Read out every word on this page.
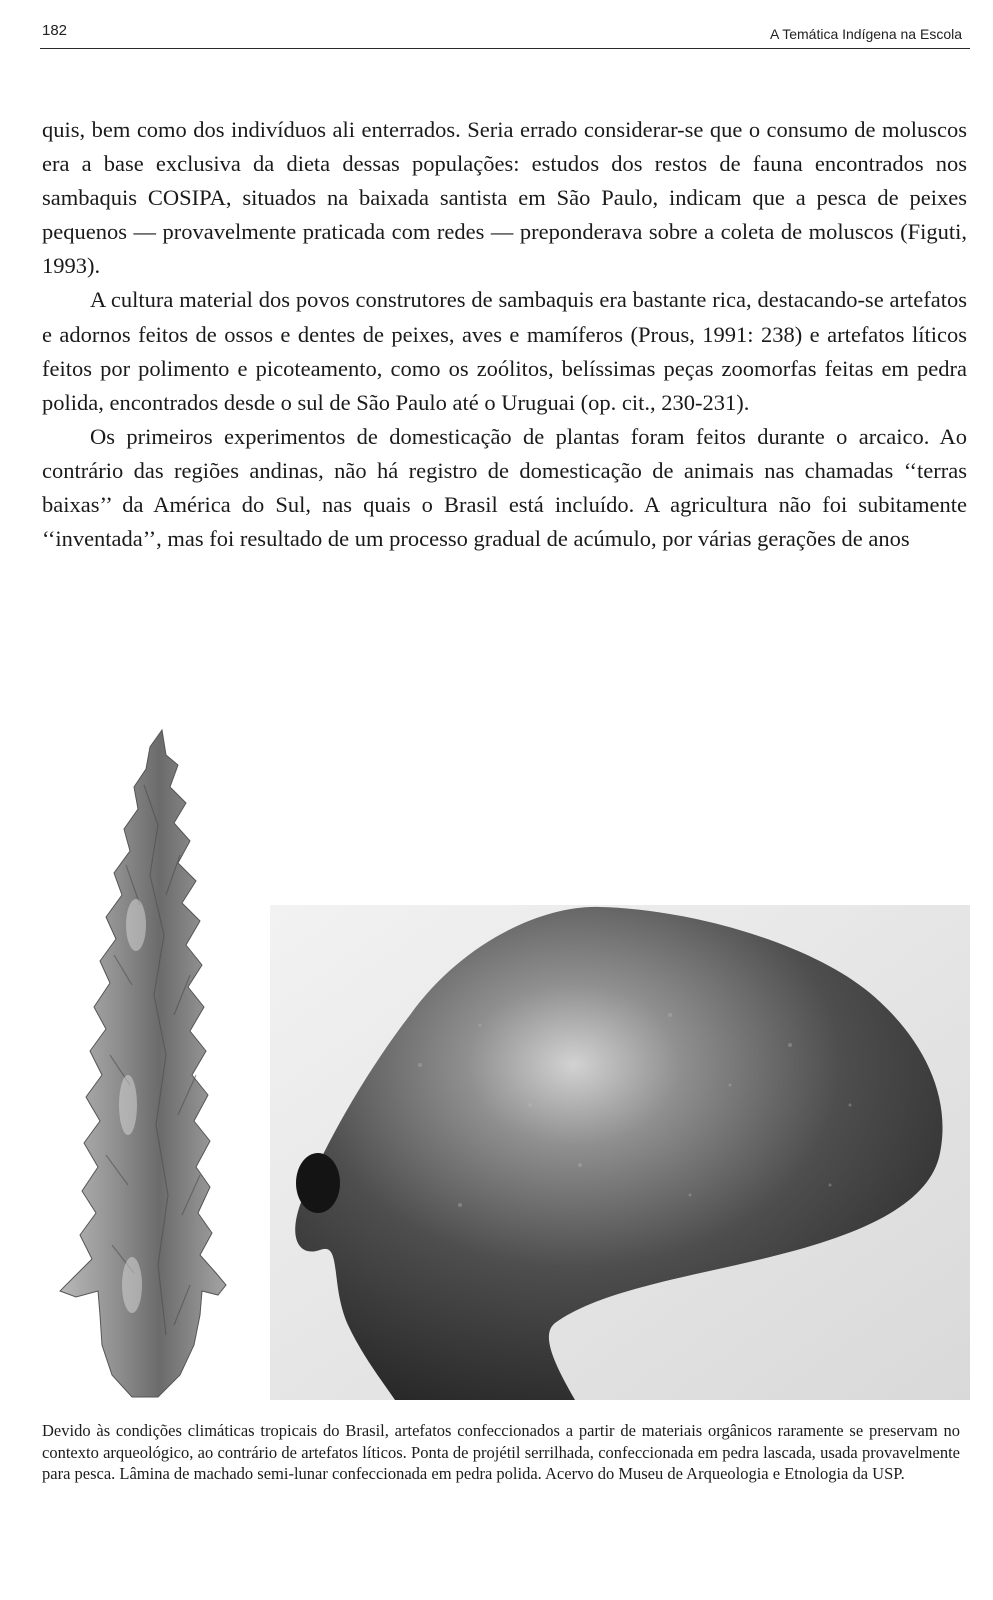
182	A Temática Indígena na Escola

quis, bem como dos indivíduos ali enterrados. Seria errado considerar-se que o consumo de moluscos era a base exclusiva da dieta dessas populações: estudos dos restos de fauna encontrados nos sambaquis COSIPA, situados na baixada santista em São Paulo, indicam que a pesca de peixes pequenos — provavelmente praticada com redes — preponderava sobre a coleta de moluscos (Figuti, 1993).

A cultura material dos povos construtores de sambaquis era bastante rica, destacando-se artefatos e adornos feitos de ossos e dentes de peixes, aves e mamíferos (Prous, 1991: 238) e artefatos líticos feitos por polimento e picoteamento, como os zoólitos, belíssimas peças zoomorfas feitas em pedra polida, encontrados desde o sul de São Paulo até o Uruguai (op. cit., 230-231).

Os primeiros experimentos de domesticação de plantas foram feitos durante o arcaico. Ao contrário das regiões andinas, não há registro de domesticação de animais nas chamadas ‘‘terras baixas’’ da América do Sul, nas quais o Brasil está incluído. A agricultura não foi subitamente ‘‘inventada’’, mas foi resultado de um processo gradual de acúmulo, por várias gerações de anos

Devido às condições climáticas tropicais do Brasil, artefatos confeccionados a partir de materiais orgânicos raramente se preservam no contexto arqueológico, ao contrário de artefatos líticos. Ponta de projétil serrilhada, confeccionada em pedra lascada, usada provavelmente para pesca. Lâmina de machado semi-lunar confeccionada em pedra polida. Acervo do Museu de Arqueologia e Etnologia da USP.
